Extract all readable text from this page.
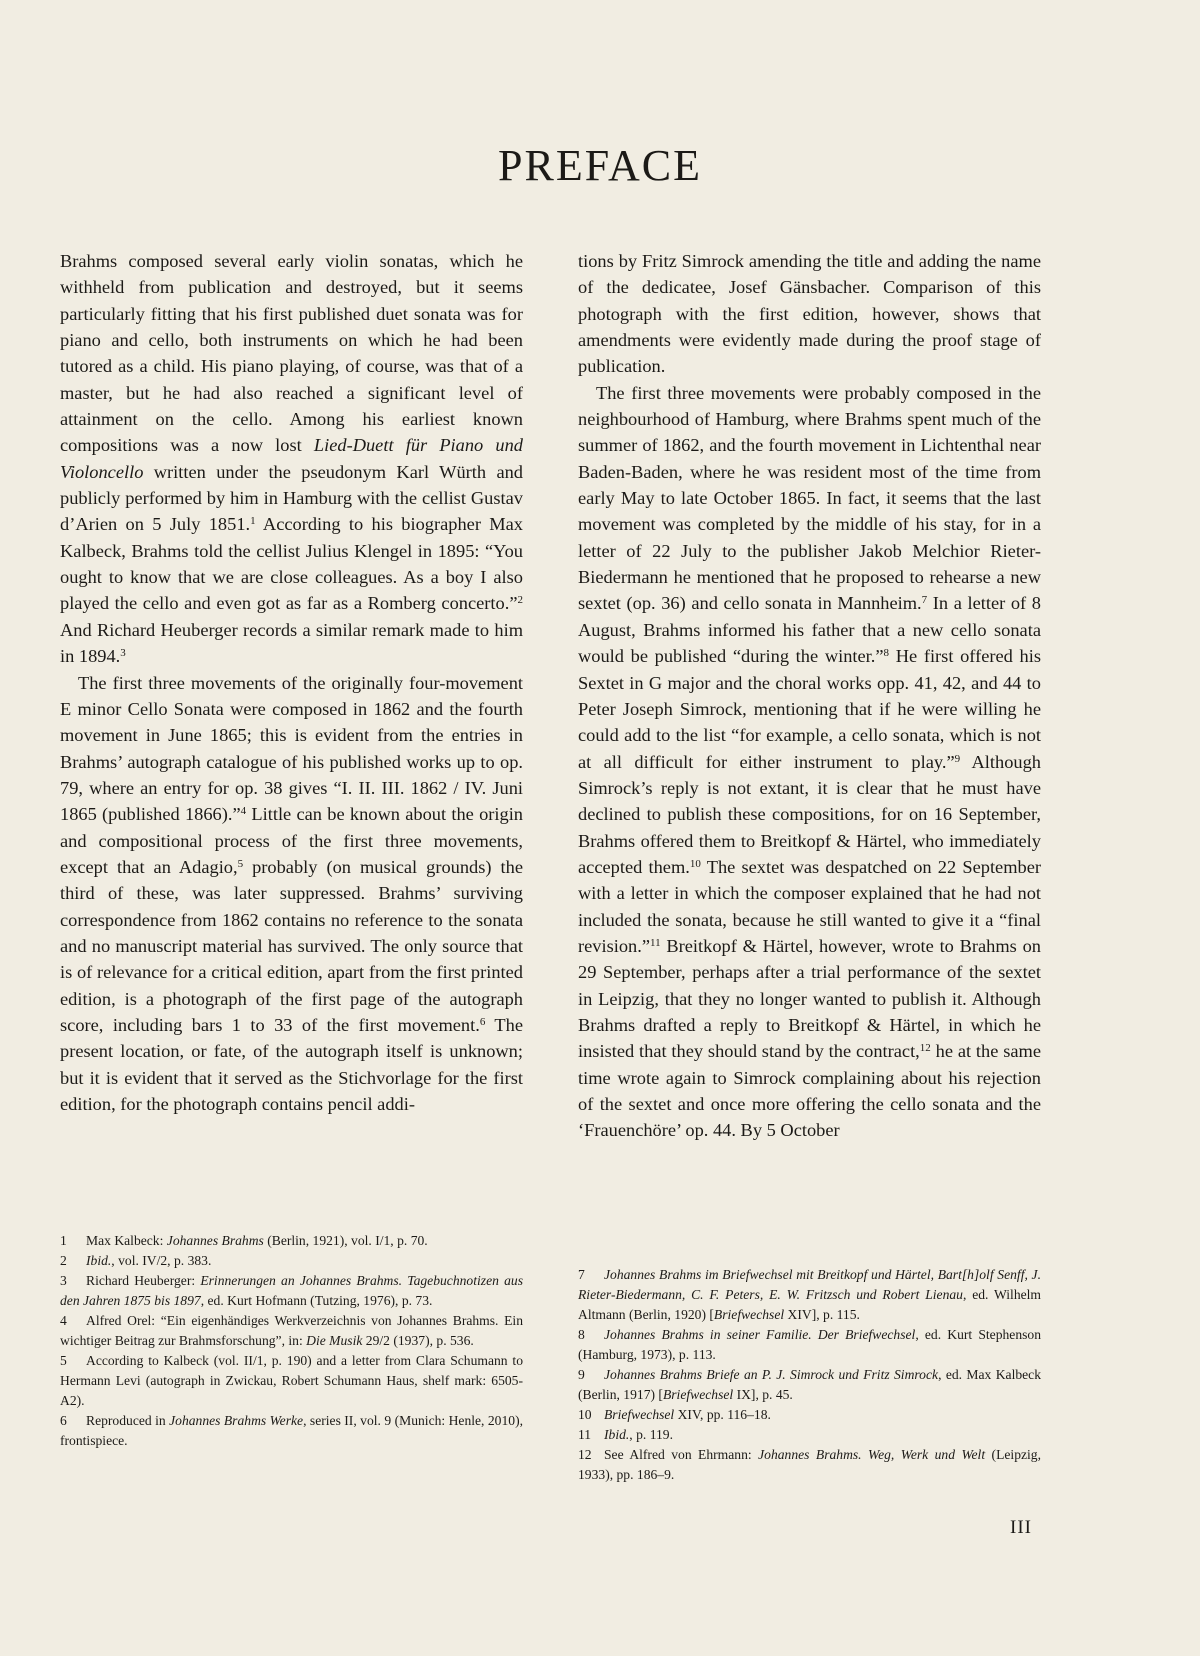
PREFACE

Brahms composed several early violin sonatas, which he withheld from publication and destroyed, but it seems particularly fitting that his first published duet sonata was for piano and cello, both instruments on which he had been tutored as a child. His piano playing, of course, was that of a master, but he had also reached a significant level of attainment on the cello. Among his earliest known compositions was a now lost Lied-Duett für Piano und Violoncello written under the pseudonym Karl Würth and publicly performed by him in Hamburg with the cellist Gustav d’Arien on 5 July 1851.$^1$ According to his biographer Max Kalbeck, Brahms told the cellist Julius Klengel in 1895: “You ought to know that we are close colleagues. As a boy I also played the cello and even got as far as a Romberg concerto.”$^2$ And Richard Heuberger records a similar remark made to him in 1894.$^3$

The first three movements of the originally four-movement E minor Cello Sonata were composed in 1862 and the fourth movement in June 1865; this is evident from the entries in Brahms’ autograph catalogue of his published works up to op. 79, where an entry for op. 38 gives “I. II. III. 1862 / IV. Juni 1865 (published 1866).”$^4$ Little can be known about the origin and compositional process of the first three movements, except that an Adagio,$^5$ probably (on musical grounds) the third of these, was later suppressed. Brahms’ surviving correspondence from 1862 contains no reference to the sonata and no manuscript material has survived. The only source that is of relevance for a critical edition, apart from the first printed edition, is a photograph of the first page of the autograph score, including bars 1 to 33 of the first movement.$^6$ The present location, or fate, of the autograph itself is unknown; but it is evident that it served as the Stichvorlage for the first edition, for the photograph contains pencil addi-

tions by Fritz Simrock amending the title and adding the name of the dedicatee, Josef Gänsbacher. Comparison of this photograph with the first edition, however, shows that amendments were evidently made during the proof stage of publication.

The first three movements were probably composed in the neighbourhood of Hamburg, where Brahms spent much of the summer of 1862, and the fourth movement in Lichtenthal near Baden-Baden, where he was resident most of the time from early May to late October 1865. In fact, it seems that the last movement was completed by the middle of his stay, for in a letter of 22 July to the publisher Jakob Melchior Rieter-Biedermann he mentioned that he proposed to rehearse a new sextet (op. 36) and cello sonata in Mannheim.$^7$ In a letter of 8 August, Brahms informed his father that a new cello sonata would be published “during the winter.”$^8$ He first offered his Sextet in G major and the choral works opp. 41, 42, and 44 to Peter Joseph Simrock, mentioning that if he were willing he could add to the list “for example, a cello sonata, which is not at all difficult for either instrument to play.”$^9$ Although Simrock’s reply is not extant, it is clear that he must have declined to publish these compositions, for on 16 September, Brahms offered them to Breitkopf & Härtel, who immediately accepted them.$^{10}$ The sextet was despatched on 22 September with a letter in which the composer explained that he had not included the sonata, because he still wanted to give it a “final revision.”$^{11}$ Breitkopf & Härtel, however, wrote to Brahms on 29 September, perhaps after a trial performance of the sextet in Leipzig, that they no longer wanted to publish it. Although Brahms drafted a reply to Breitkopf & Härtel, in which he insisted that they should stand by the contract,$^{12}$ he at the same time wrote again to Simrock complaining about his rejection of the sextet and once more offering the cello sonata and the ‘Frauenchöre’ op. 44. By 5 October

1 Max Kalbeck: Johannes Brahms (Berlin, 1921), vol. I/1, p. 70.

2 Ibid., vol. IV/2, p. 383.

3 Richard Heuberger: Erinnerungen an Johannes Brahms. Tagebuchnotizen aus den Jahren 1875 bis 1897, ed. Kurt Hofmann (Tutzing, 1976), p. 73.

4 Alfred Orel: “Ein eigenhändiges Werkverzeichnis von Johannes Brahms. Ein wichtiger Beitrag zur Brahmsforschung”, in: Die Musik 29/2 (1937), p. 536.

5 According to Kalbeck (vol. II/1, p. 190) and a letter from Clara Schumann to Hermann Levi (autograph in Zwickau, Robert Schumann Haus, shelf mark: 6505-A2).

6 Reproduced in Johannes Brahms Werke, series II, vol. 9 (Munich: Henle, 2010), frontispiece.

7 Johannes Brahms im Briefwechsel mit Breitkopf und Härtel, Bart[h]olf Senff, J. Rieter-Biedermann, C. F. Peters, E. W. Fritzsch und Robert Lienau, ed. Wilhelm Altmann (Berlin, 1920) [Briefwechsel XIV], p. 115.

8 Johannes Brahms in seiner Familie. Der Briefwechsel, ed. Kurt Stephenson (Hamburg, 1973), p. 113.

9 Johannes Brahms Briefe an P. J. Simrock und Fritz Simrock, ed. Max Kalbeck (Berlin, 1917) [Briefwechsel IX], p. 45.

10 Briefwechsel XIV, pp. 116–18.

11 Ibid., p. 119.

12 See Alfred von Ehrmann: Johannes Brahms. Weg, Werk und Welt (Leipzig, 1933), pp. 186–9.

III
